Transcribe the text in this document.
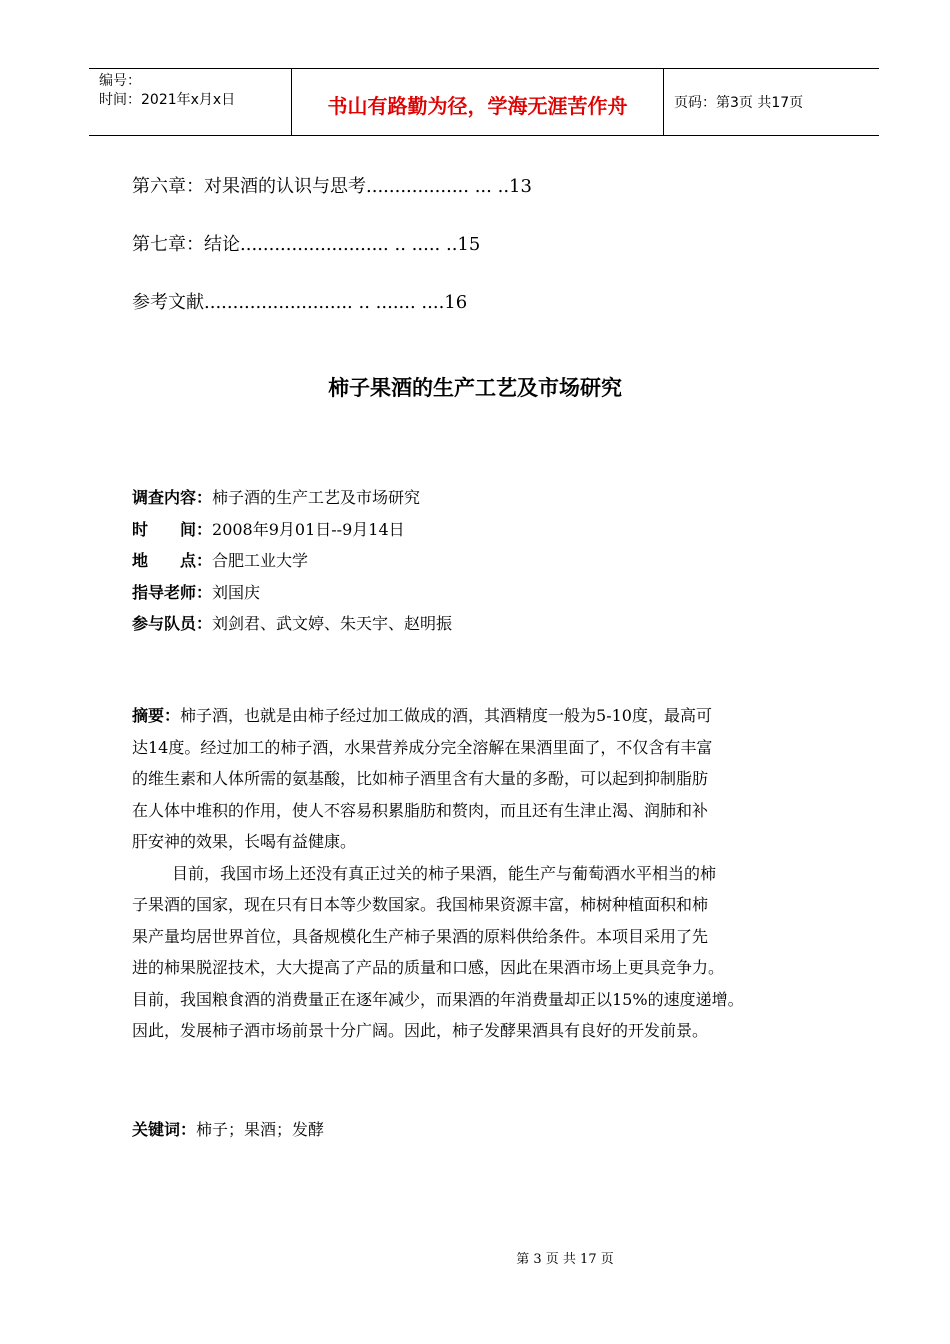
编号：
时间：2021年x月x日	书山有路勤为径，学海无涯苦作舟	页码：第3页 共17页
第六章：对果酒的认识与思考.................. ... ..13
第七章：结论.......................... .. ..... ..15
参考文献.......................... .. ....... ....16
柿子果酒的生产工艺及市场研究
调查内容：柿子酒的生产工艺及市场研究
时　　间：2008年9月01日--9月14日
地　　点：合肥工业大学
指导老师：刘国庆
参与队员：刘剑君、武文婷、朱天宇、赵明振
摘要：柿子酒，也就是由柿子经过加工做成的酒，其酒精度一般为5-10度，最高可
达14度。经过加工的柿子酒，水果营养成分完全溶解在果酒里面了，不仅含有丰富
的维生素和人体所需的氨基酸，比如柿子酒里含有大量的多酚，可以起到抑制脂肪
在人体中堆积的作用，使人不容易积累脂肪和赘肉，而且还有生津止渴、润肺和补
肝安神的效果，长喝有益健康。
目前，我国市场上还没有真正过关的柿子果酒，能生产与葡萄酒水平相当的柿
子果酒的国家，现在只有日本等少数国家。我国柿果资源丰富，柿树种植面积和柿
果产量均居世界首位，具备规模化生产柿子果酒的原料供给条件。本项目采用了先
进的柿果脱涩技术，大大提高了产品的质量和口感，因此在果酒市场上更具竞争力。
目前，我国粮食酒的消费量正在逐年减少，而果酒的年消费量却正以15%的速度递增。
因此，发展柿子酒市场前景十分广阔。因此，柿子发酵果酒具有良好的开发前景。
关键词：柿子；果酒；发酵
第 3 页 共 17 页
